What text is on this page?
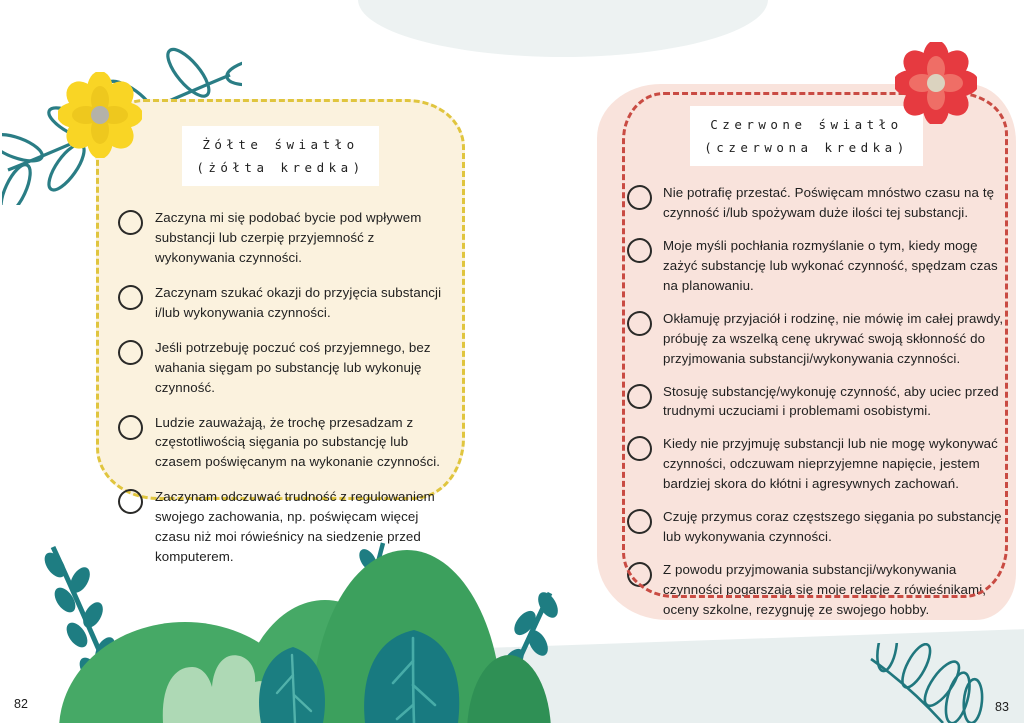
Żółte światło
(żółta kredka)
Zaczyna mi się podobać bycie pod wpływem substancji lub czerpię przyjemność z wykonywania czynności.
Zaczynam szukać okazji do przyjęcia substancji i/lub wykonywania czynności.
Jeśli potrzebuję poczuć coś przyjemnego, bez wahania sięgam po substancję lub wykonuję czynność.
Ludzie zauważają, że trochę przesadzam z częstotliwością sięgania po substancję lub czasem poświęcanym na wykonanie czynności.
Zaczynam odczuwać trudność z regulowaniem swojego zachowania, np. poświęcam więcej czasu niż moi rówieśnicy na siedzenie przed komputerem.
Czerwone światło
(czerwona kredka)
Nie potrafię przestać. Poświęcam mnóstwo czasu na tę czynność i/lub spożywam duże ilości tej substancji.
Moje myśli pochłania rozmyślanie o tym, kiedy mogę zażyć substancję lub wykonać czynność, spędzam czas na planowaniu.
Okłamuję przyjaciół i rodzinę, nie mówię im całej prawdy, próbuję za wszelką cenę ukrywać swoją skłonność do przyjmowania substancji/wykonywania czynności.
Stosuję substancję/wykonuję czynność, aby uciec przed trudnymi uczuciami i problemami osobistymi.
Kiedy nie przyjmuję substancji lub nie mogę wykonywać czynności, odczuwam nieprzyjemne napięcie, jestem bardziej skora do kłótni i agresywnych zachowań.
Czuję przymus coraz częstszego sięgania po substancję lub wykonywania czynności.
Z powodu przyjmowania substancji/wykonywania czynności pogarszają się moje relacje z rówieśnikami, oceny szkolne, rezygnuję ze swojego hobby.
82	83
